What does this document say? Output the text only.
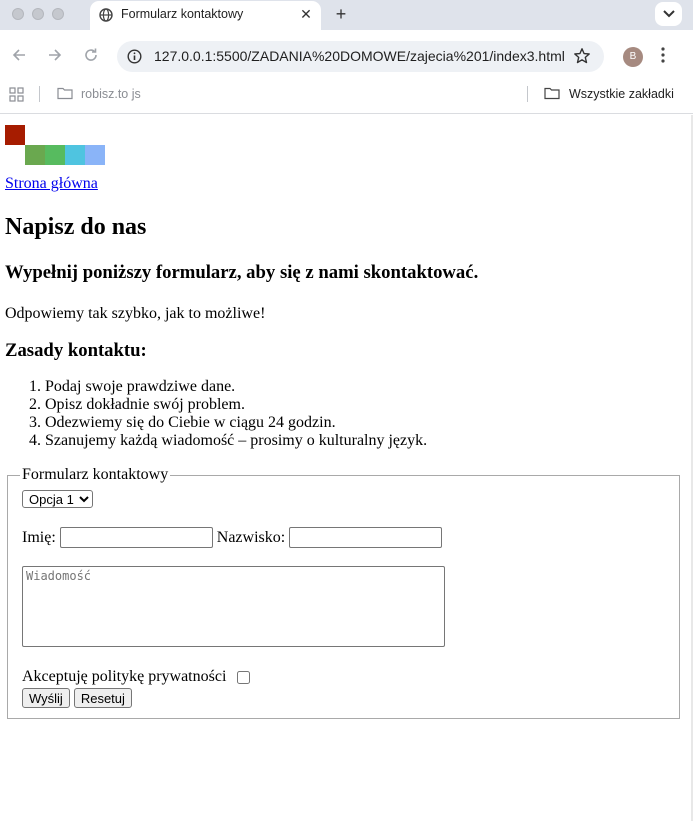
Formularz kontaktowy	✕ +
127.0.0.1:5500/ZADANIA%20DOMOWE/zajecia%201/index3.html	B
robisz.to js	Wszystkie zakładki
Strona główna
Napisz do nas
Wypełnij poniższy formularz, aby się z nami skontaktować.

Odpowiemy tak szybko, jak to możliwe!

Zasady kontaktu:
1. Podaj swoje prawdziwe dane.
2. Opisz dokładnie swój problem.
3. Odezwiemy się do Ciebie w ciągu 24 godzin.
4. Szanujemy każdą wiadomość – prosimy o kulturalny język.
Formularz kontaktowy
Opcja 1
Imię:	Nazwisko:
Wiadomość
Akceptuję politykę prywatności
Wyślij	Resetuj
